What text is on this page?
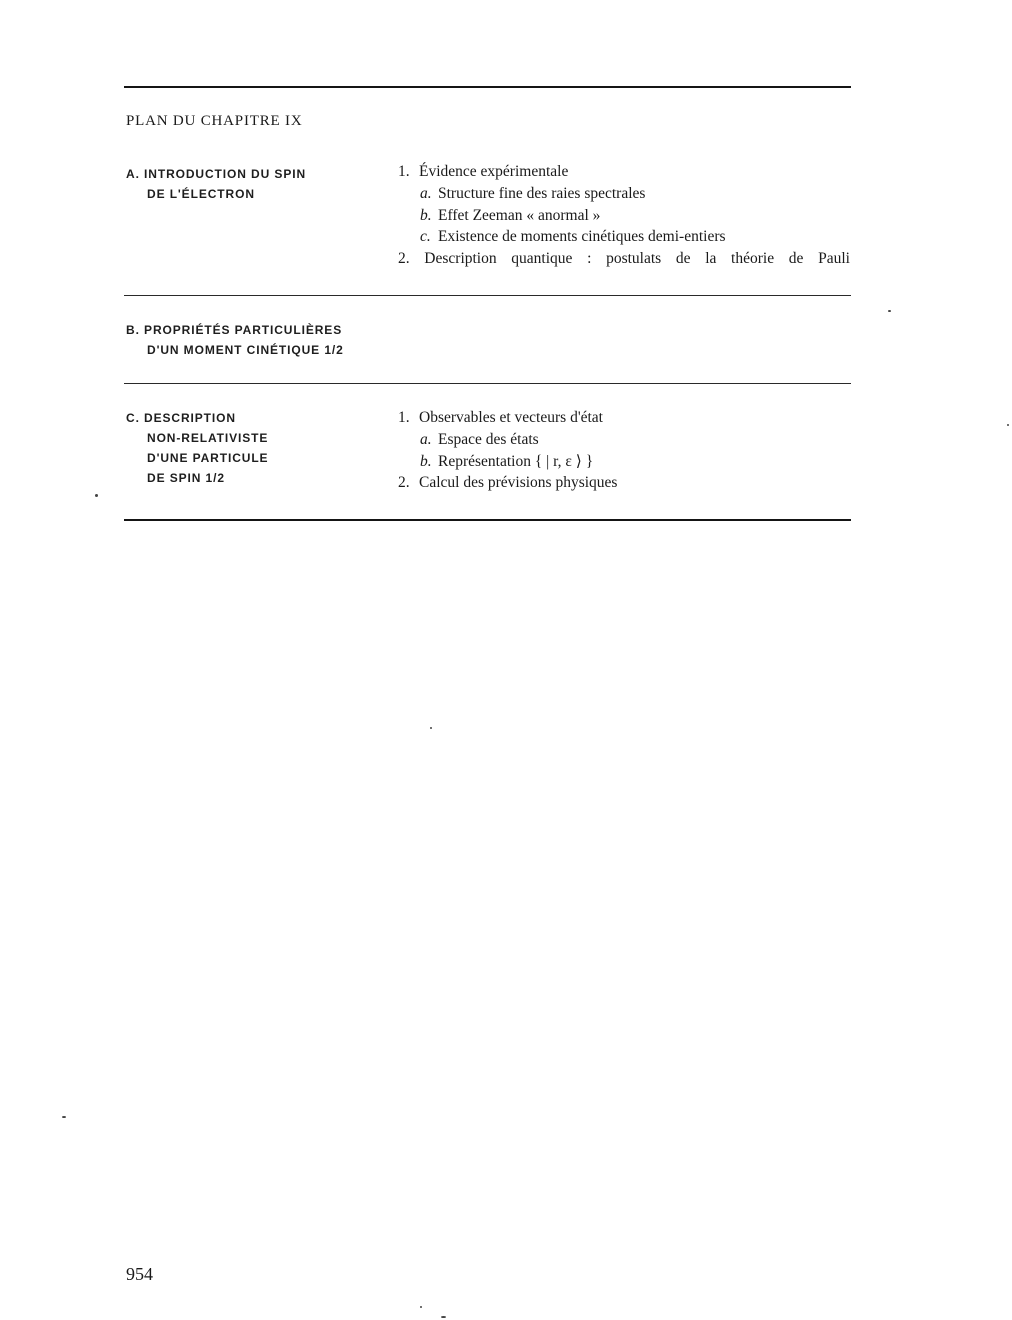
PLAN DU CHAPITRE IX
A. INTRODUCTION DU SPIN
DE L'ÉLECTRON
1. Évidence expérimentale
a. Structure fine des raies spectrales
b. Effet Zeeman « anormal »
c. Existence de moments cinétiques demi-entiers
2. Description quantique : postulats de la théorie de Pauli
B. PROPRIÉTÉS PARTICULIÈRES
D'UN MOMENT CINÉTIQUE 1/2
C. DESCRIPTION
NON-RELATIVISTE
D'UNE PARTICULE
DE SPIN 1/2
1. Observables et vecteurs d'état
a. Espace des états
b. Représentation { | r, ε ⟩ }
2. Calcul des prévisions physiques

954
